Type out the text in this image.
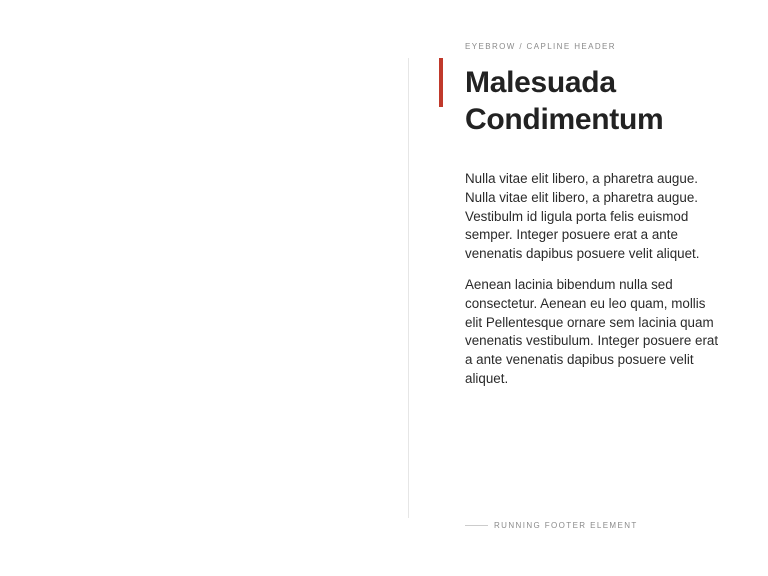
EYEBROW / CAPLINE HEADER
Malesuada Condimentum

Nulla vitae elit libero, a pharetra augue. Nulla vitae elit libero, a pharetra augue. Vestibulm id ligula porta felis euismod semper. Integer posuere erat a ante venenatis dapibus posuere velit aliquet.

Aenean lacinia bibendum nulla sed consectetur. Aenean eu leo quam, mollis elit Pellentesque ornare sem lacinia quam venenatis vestibulum. Integer posuere erat a ante venenatis dapibus posuere velit aliquet.

RUNNING FOOTER ELEMENT
